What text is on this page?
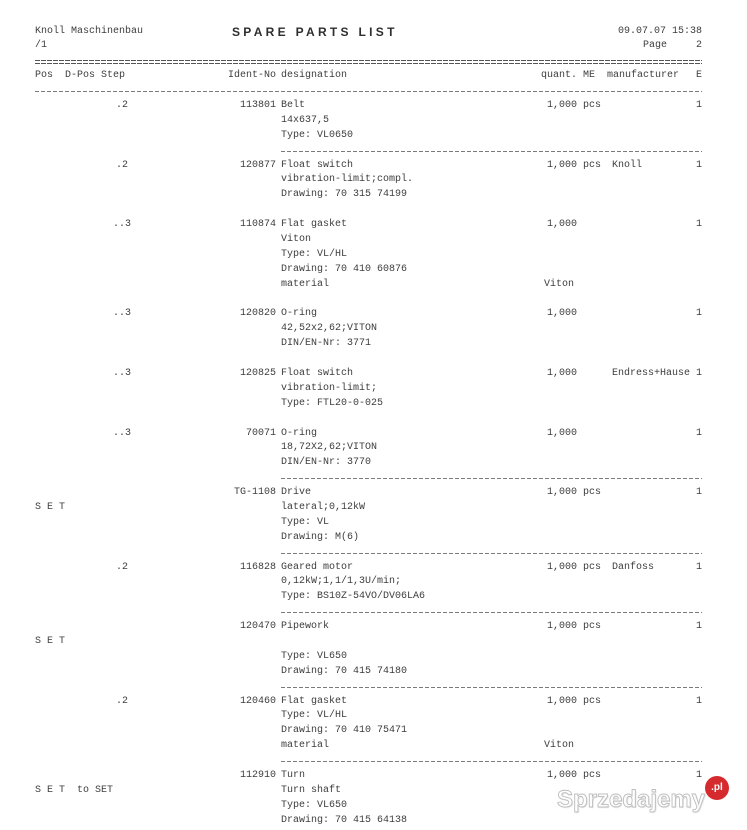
Knoll Maschinenbau	SPARE PARTS LIST	09.07.07 15:38
/1	Page	2
Pos D-Pos Step	Ident-No designation	quant. ME manufacturer	E
.2	113801 Belt	1,000 pcs	1
14x637,5
Type: VL0650
.2	120877 Float switch	1,000 pcs Knoll	1
vibration-limit;compl.
Drawing: 70 315 74199
..3	110874 Flat gasket	1,000	1
Viton
Type: VL/HL
Drawing: 70 410 60876
material	Viton
..3	120820 O-ring	1,000	1
42,52x2,62;VITON
DIN/EN-Nr: 3771
..3	120825 Float switch	1,000	Endress+Hause 1
vibration-limit;
Type: FTL20-0-025
..3	70071 O-ring	1,000	1
18,72X2,62;VITON
DIN/EN-Nr: 3770
TG-1108 Drive	1,000 pcs	1
S E T	lateral;0,12kW
Type: VL
Drawing: M(6)
.2	116828 Geared motor	1,000 pcs Danfoss	1
0,12kW;1,1/1,3U/min;
Type: BS10Z-54VO/DV06LA6
120470 Pipework	1,000 pcs	1
S E T
Type: VL650
Drawing: 70 415 74180
.2	120460 Flat gasket	1,000 pcs	1
Type: VL/HL
Drawing: 70 410 75471
material	Viton
112910 Turn	1,000 pcs	1
S E T  to SET	Turn shaft
Type: VL650
Drawing: 70 415 64138
Sprzedajemy .pl
